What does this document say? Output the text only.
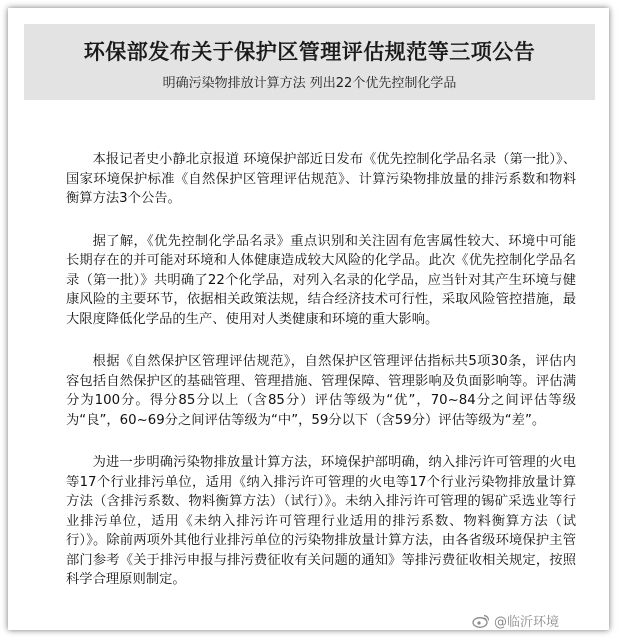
环保部发布关于保护区管理评估规范等三项公告
明确污染物排放计算方法 列出22个优先控制化学品

本报记者史小静北京报道 环境保护部近日发布《优先控制化学品名录（第一批）》、国家环境保护标准《自然保护区管理评估规范》、计算污染物排放量的排污系数和物料衡算方法3个公告。

据了解，《优先控制化学品名录》重点识别和关注固有危害属性较大、环境中可能长期存在的并可能对环境和人体健康造成较大风险的化学品。此次《优先控制化学品名录（第一批）》共明确了22个化学品，对列入名录的化学品，应当针对其产生环境与健康风险的主要环节，依据相关政策法规，结合经济技术可行性，采取风险管控措施，最大限度降低化学品的生产、使用对人类健康和环境的重大影响。

根据《自然保护区管理评估规范》，自然保护区管理评估指标共5项30条，评估内容包括自然保护区的基础管理、管理措施、管理保障、管理影响及负面影响等。评估满分为100分。得分85分以上（含85分）评估等级为“优”，70~84分之间评估等级为“良”，60~69分之间评估等级为“中”，59分以下（含59分）评估等级为“差”。

为进一步明确污染物排放量计算方法，环境保护部明确，纳入排污许可管理的火电等17个行业排污单位，适用《纳入排污许可管理的火电等17个行业污染物排放量计算方法（含排污系数、物料衡算方法）（试行）》。未纳入排污许可管理的锡矿采选业等行业排污单位，适用《未纳入排污许可管理行业适用的排污系数、物料衡算方法（试行）》。除前两项外其他行业排污单位的污染物排放量计算方法，由各省级环境保护主管部门参考《关于排污申报与排污费征收有关问题的通知》等排污费征收相关规定，按照科学合理原则制定。

@临沂环境
